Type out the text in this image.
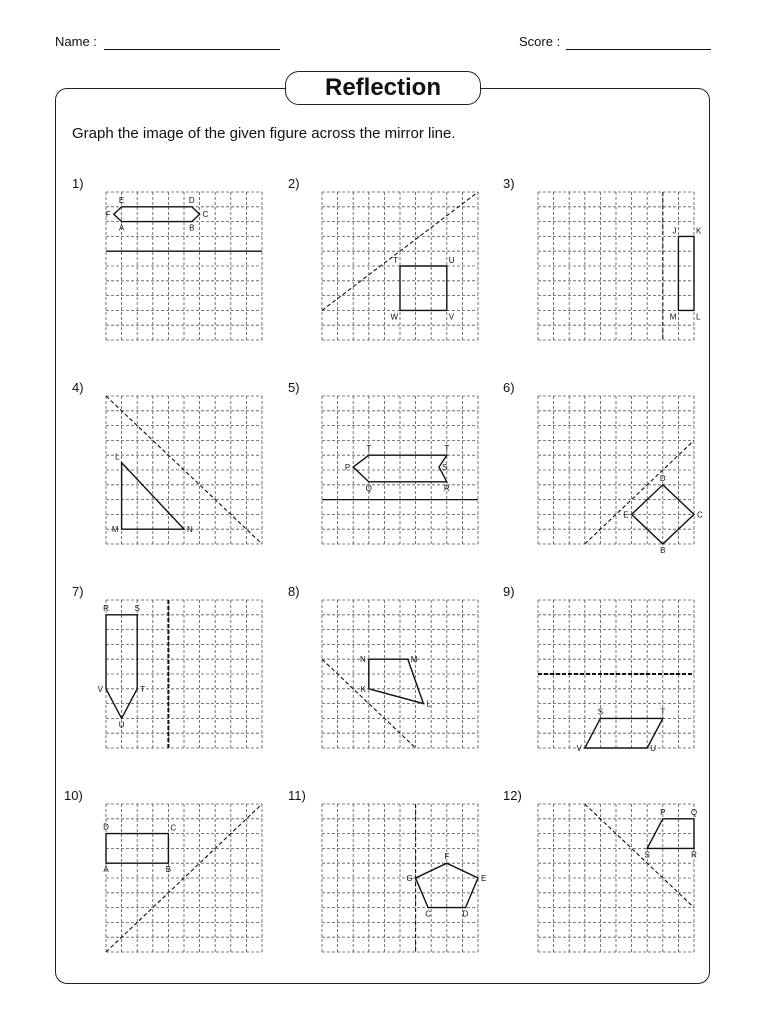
Name :	Score :
Reflection
Graph the image of the given figure across the mirror line.
1)
A
F
E	D
C
B
2)
T	U
V
W
3)
J K
L
M
4)
L
M	N
5)
T
P
Q	R
S
T
6)
D
C
B
E
7)
R	S
T
U
V
8)
N	M
L
K
9)
S	T
U
V
10)
D	C
B
A
11)
F
E
D
C
G
12)
P	Q
R
S
